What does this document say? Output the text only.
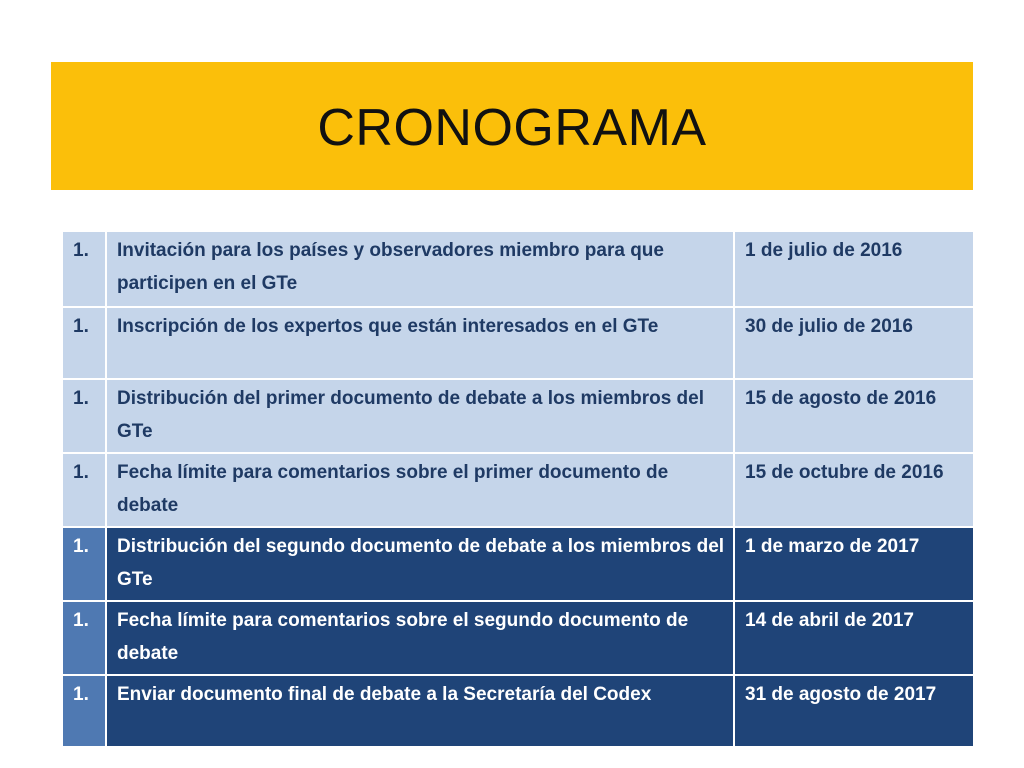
CRONOGRAMA
1.	Invitación para los países y observadores miembro para que participen en el GTe	1 de julio de 2016
1.	Inscripción de los expertos que están interesados en el GTe	30 de julio de 2016
1.	Distribución del primer documento de debate a los miembros del GTe	15 de agosto de 2016
1.	Fecha límite para comentarios sobre el primer documento de debate	15 de octubre de 2016
1.	Distribución del segundo documento de debate a los miembros del GTe	1 de marzo de 2017
1.	Fecha límite para comentarios sobre el segundo documento de debate	14 de abril de 2017
1.	Enviar documento final de debate a la Secretaría del Codex	31 de agosto de 2017
